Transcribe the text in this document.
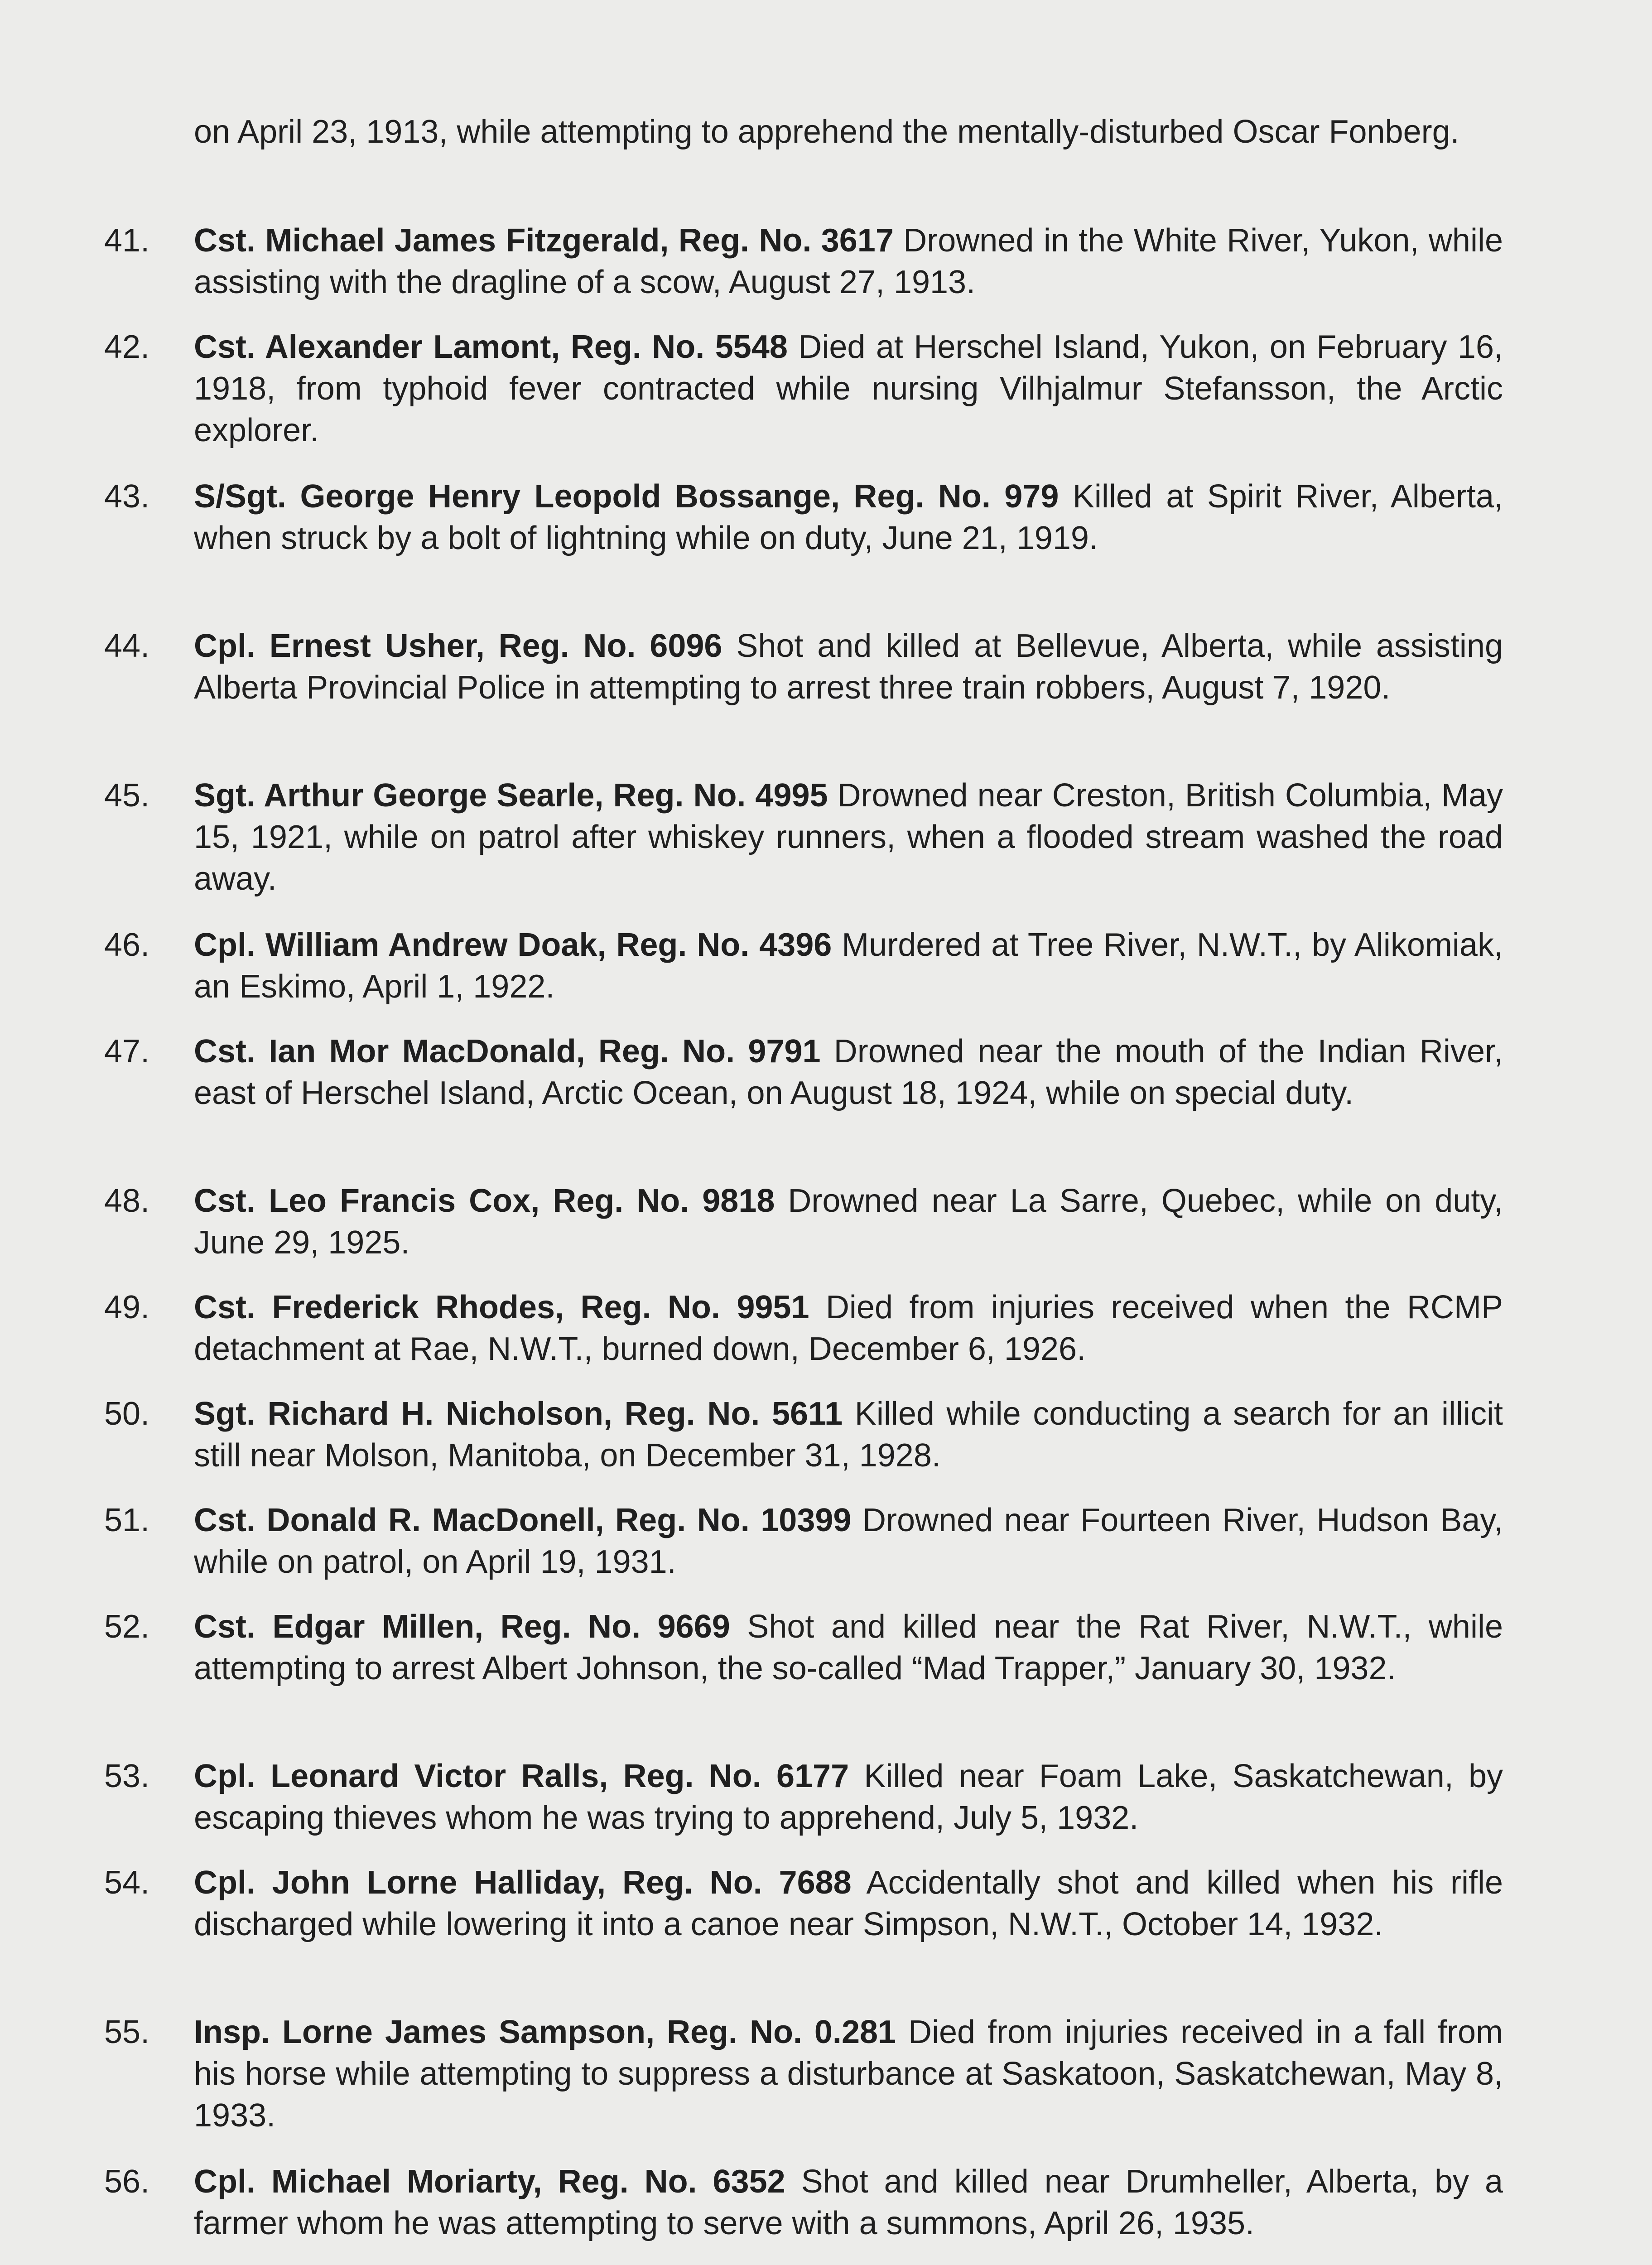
on April 23, 1913, while attempting to apprehend the mentally-disturbed Oscar Fonberg.
41. Cst. Michael James Fitzgerald, Reg. No. 3617 Drowned in the White River, Yukon, while assisting with the dragline of a scow, August 27, 1913.
42. Cst. Alexander Lamont, Reg. No. 5548 Died at Herschel Island, Yukon, on February 16, 1918, from typhoid fever contracted while nursing Vilhjalmur Stefansson, the Arctic explorer.
43. S/Sgt. George Henry Leopold Bossange, Reg. No. 979 Killed at Spirit River, Alberta, when struck by a bolt of lightning while on duty, June 21, 1919.
44. Cpl. Ernest Usher, Reg. No. 6096 Shot and killed at Bellevue, Alberta, while assisting Alberta Provincial Police in attempting to arrest three train robbers, August 7, 1920.
45. Sgt. Arthur George Searle, Reg. No. 4995 Drowned near Creston, British Columbia, May 15, 1921, while on patrol after whiskey runners, when a flooded stream washed the road away.
46. Cpl. William Andrew Doak, Reg. No. 4396 Murdered at Tree River, N.W.T., by Alikomiak, an Eskimo, April 1, 1922.
47. Cst. Ian Mor MacDonald, Reg. No. 9791 Drowned near the mouth of the Indian River, east of Herschel Island, Arctic Ocean, on August 18, 1924, while on special duty.
48. Cst. Leo Francis Cox, Reg. No. 9818 Drowned near La Sarre, Quebec, while on duty, June 29, 1925.
49. Cst. Frederick Rhodes, Reg. No. 9951 Died from injuries received when the RCMP detachment at Rae, N.W.T., burned down, December 6, 1926.
50. Sgt. Richard H. Nicholson, Reg. No. 5611 Killed while conducting a search for an illicit still near Molson, Manitoba, on December 31, 1928.
51. Cst. Donald R. MacDonell, Reg. No. 10399 Drowned near Fourteen River, Hudson Bay, while on patrol, on April 19, 1931.
52. Cst. Edgar Millen, Reg. No. 9669 Shot and killed near the Rat River, N.W.T., while attempting to arrest Albert Johnson, the so-called “Mad Trapper,” January 30, 1932.
53. Cpl. Leonard Victor Ralls, Reg. No. 6177 Killed near Foam Lake, Saskatchewan, by escaping thieves whom he was trying to apprehend, July 5, 1932.
54. Cpl. John Lorne Halliday, Reg. No. 7688 Accidentally shot and killed when his rifle discharged while lowering it into a canoe near Simpson, N.W.T., October 14, 1932.
55. Insp. Lorne James Sampson, Reg. No. 0.281 Died from injuries received in a fall from his horse while attempting to suppress a disturbance at Saskatoon, Saskatchewan, May 8, 1933.
56. Cpl. Michael Moriarty, Reg. No. 6352 Shot and killed near Drumheller, Alberta, by a farmer whom he was attempting to serve with a summons, April 26, 1935.
